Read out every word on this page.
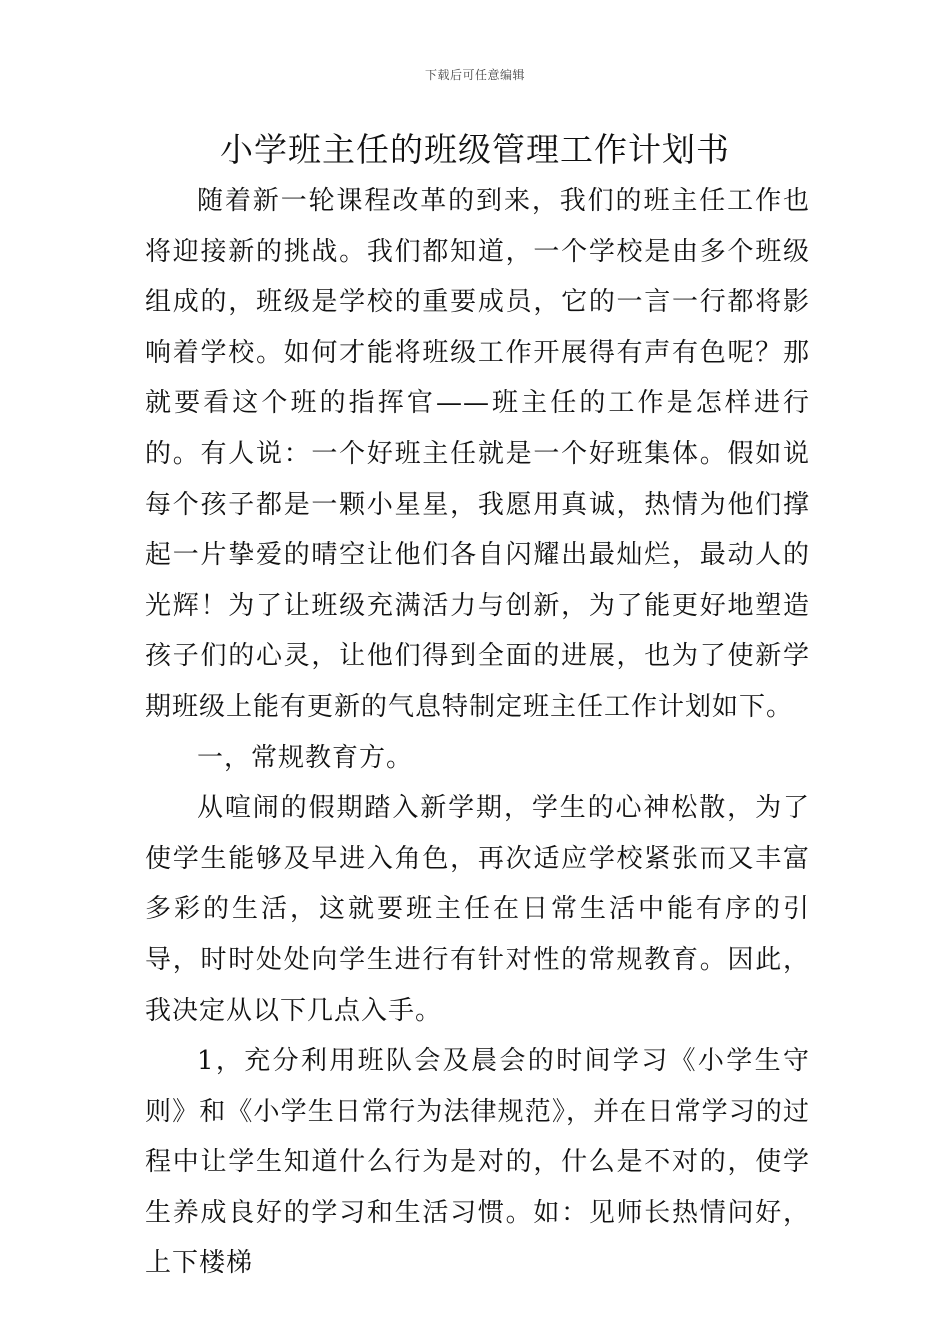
下载后可任意编辑
小学班主任的班级管理工作计划书

随着新一轮课程改革的到来，我们的班主任工作也将迎接新的挑战。我们都知道，一个学校是由多个班级组成的，班级是学校的重要成员，它的一言一行都将影响着学校。如何才能将班级工作开展得有声有色呢？那就要看这个班的指挥官——班主任的工作是怎样进行的。有人说：一个好班主任就是一个好班集体。假如说每个孩子都是一颗小星星，我愿用真诚，热情为他们撑起一片挚爱的晴空让他们各自闪耀出最灿烂，最动人的光辉！为了让班级充满活力与创新，为了能更好地塑造孩子们的心灵，让他们得到全面的进展，也为了使新学期班级上能有更新的气息特制定班主任工作计划如下。

一，常规教育方。

从喧闹的假期踏入新学期，学生的心神松散，为了使学生能够及早进入角色，再次适应学校紧张而又丰富多彩的生活，这就要班主任在日常生活中能有序的引导，时时处处向学生进行有针对性的常规教育。因此，我决定从以下几点入手。

1，充分利用班队会及晨会的时间学习《小学生守则》和《小学生日常行为法律规范》，并在日常学习的过程中让学生知道什么行为是对的，什么是不对的，使学生养成良好的学习和生活习惯。如：见师长热情问好，上下楼梯
